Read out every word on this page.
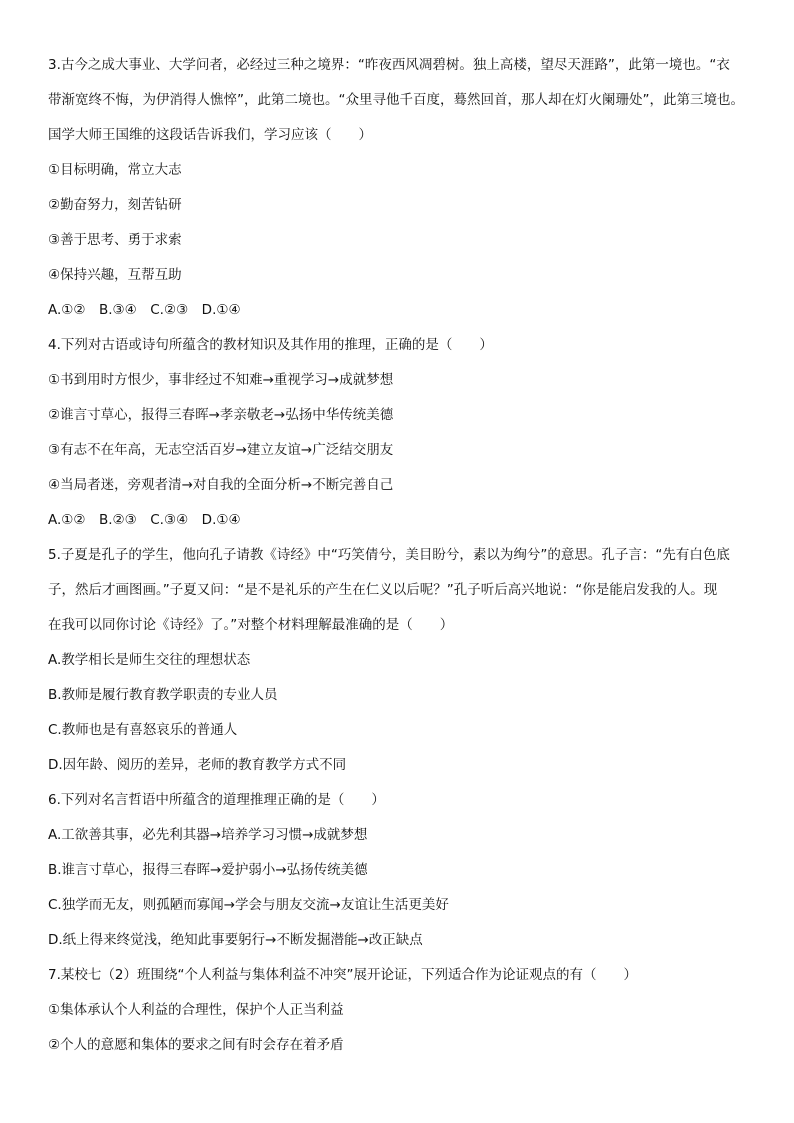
3.古今之成大事业、大学问者，必经过三种之境界：“昨夜西风凋碧树。独上高楼，望尽天涯路”，此第一境也。“衣

带渐宽终不悔，为伊消得人憔悴”，此第二境也。“众里寻他千百度，蓦然回首，那人却在灯火阑珊处”，此第三境也。

国学大师王国维的这段话告诉我们，学习应该（　　）

①目标明确，常立大志

②勤奋努力，刻苦钻研

③善于思考、勇于求索

④保持兴趣，互帮互助

A.①②　B.③④　C.②③　D.①④

4.下列对古语或诗句所蕴含的教材知识及其作用的推理，正确的是（　　）

①书到用时方恨少，事非经过不知难→重视学习→成就梦想

②谁言寸草心，报得三春晖→孝亲敬老→弘扬中华传统美德

③有志不在年高，无志空活百岁→建立友谊→广泛结交朋友

④当局者迷，旁观者清→对自我的全面分析→不断完善自己

A.①②　B.②③　C.③④　D.①④

5.子夏是孔子的学生，他向孔子请教《诗经》中“巧笑倩兮，美目盼兮，素以为绚兮”的意思。孔子言：“先有白色底

子，然后才画图画。”子夏又问：“是不是礼乐的产生在仁义以后呢？”孔子听后高兴地说：“你是能启发我的人。现

在我可以同你讨论《诗经》了。”对整个材料理解最准确的是（　　）

A.教学相长是师生交往的理想状态

B.教师是履行教育教学职责的专业人员

C.教师也是有喜怒哀乐的普通人

D.因年龄、阅历的差异，老师的教育教学方式不同

6.下列对名言哲语中所蕴含的道理推理正确的是（　　）

A.工欲善其事，必先利其器→培养学习习惯→成就梦想

B.谁言寸草心，报得三春晖→爱护弱小→弘扬传统美德

C.独学而无友，则孤陋而寡闻→学会与朋友交流→友谊让生活更美好

D.纸上得来终觉浅，绝知此事要躬行→不断发掘潜能→改正缺点

7.某校七（2）班围绕“个人利益与集体利益不冲突”展开论证，下列适合作为论证观点的有（　　）

①集体承认个人利益的合理性，保护个人正当利益

②个人的意愿和集体的要求之间有时会存在着矛盾
